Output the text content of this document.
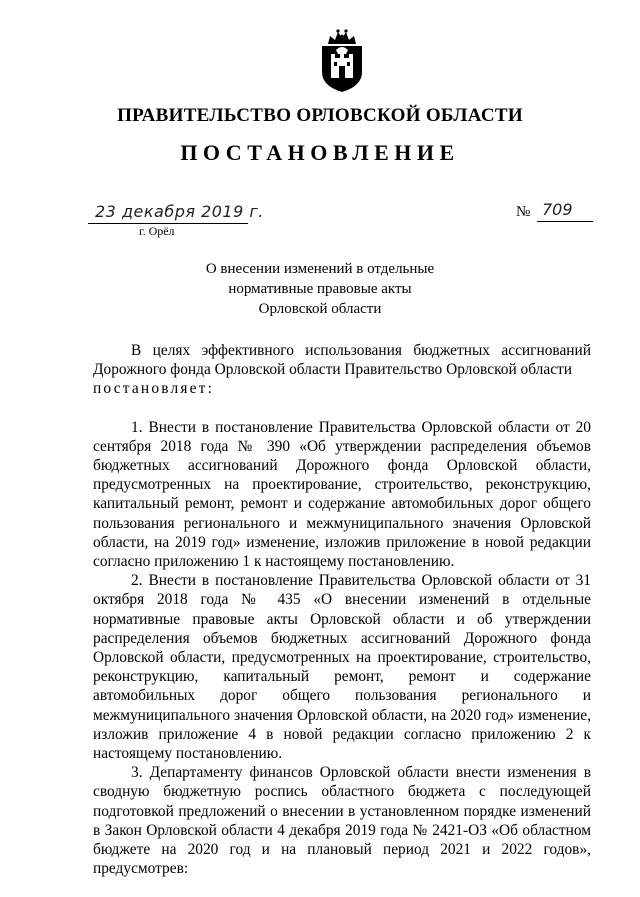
ПРАВИТЕЛЬСТВО ОРЛОВСКОЙ ОБЛАСТИ
ПОСТАНОВЛЕНИЕ
23 декабря 2019 г.
г. Орёл
№ 709
О внесении изменений в отдельные
нормативные правовые акты
Орловской области

В целях эффективного использования бюджетных ассигнований Дорожного фонда Орловской области Правительство Орловской области

постановляет:

1. Внести в постановление Правительства Орловской области от 20 сентября 2018 года № 390 «Об утверждении распределения объемов бюджетных ассигнований Дорожного фонда Орловской области, предусмотренных на проектирование, строительство, реконструкцию, капитальный ремонт, ремонт и содержание автомобильных дорог общего пользования регионального и межмуниципального значения Орловской области, на 2019 год» изменение, изложив приложение в новой редакции согласно приложению 1 к настоящему постановлению.

2. Внести в постановление Правительства Орловской области от 31 октября 2018 года № 435 «О внесении изменений в отдельные нормативные правовые акты Орловской области и об утверждении распределения объемов бюджетных ассигнований Дорожного фонда Орловской области, предусмотренных на проектирование, строительство, реконструкцию, капитальный ремонт, ремонт и содержание автомобильных дорог общего пользования регионального и межмуниципального значения Орловской области, на 2020 год» изменение, изложив приложение 4 в новой редакции согласно приложению 2 к настоящему постановлению.

3. Департаменту финансов Орловской области внести изменения в сводную бюджетную роспись областного бюджета с последующей подготовкой предложений о внесении в установленном порядке изменений в Закон Орловской области 4 декабря 2019 года № 2421-ОЗ «Об областном бюджете на 2020 год и на плановый период 2021 и 2022 годов», предусмотрев:
